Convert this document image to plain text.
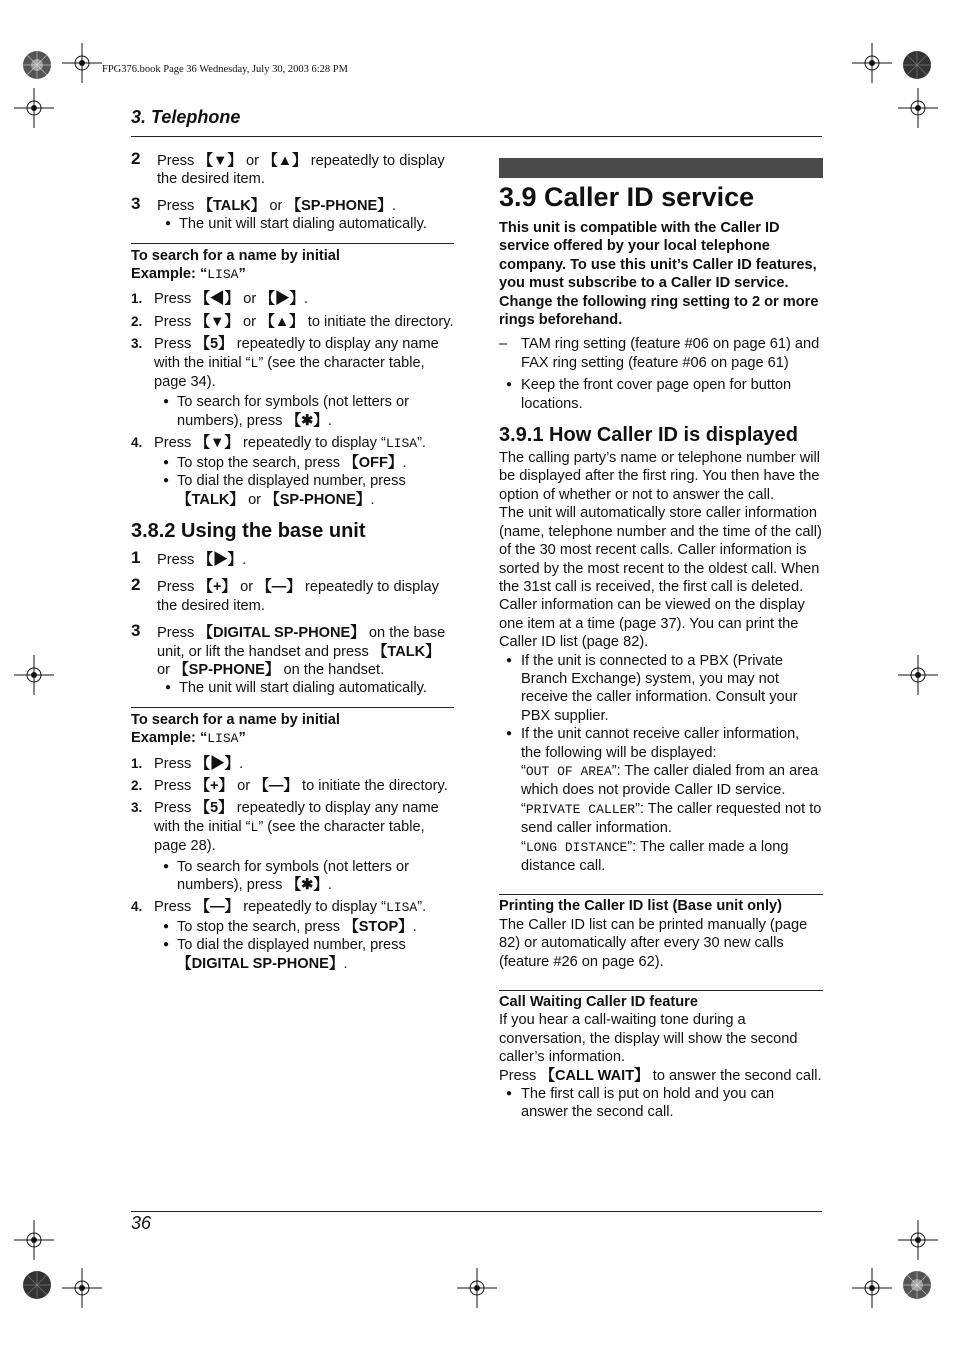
FPG376.book Page 36 Wednesday, July 30, 2003 6:28 PM
3. Telephone
2 Press 【▼】 or 【▲】 repeatedly to display the desired item.
3 Press 【TALK】 or 【SP-PHONE】.
● The unit will start dialing automatically.

To search for a name by initial

Example: “LISA”

1. Press 【◀】 or 【▶】.
2. Press 【▼】 or 【▲】 to initiate the directory.
3. Press 【5】 repeatedly to display any name with the initial “L” (see the character table, page 34).
● To search for symbols (not letters or numbers), press 【✱】.
4. Press 【▼】 repeatedly to display “LISA”.
● To stop the search, press 【OFF】.
● To dial the displayed number, press 【TALK】 or 【SP-PHONE】.

3.8.2 Using the base unit

1 Press 【▶】.
2 Press 【+】 or 【—】 repeatedly to display the desired item.
3 Press 【DIGITAL SP-PHONE】 on the base unit, or lift the handset and press 【TALK】 or 【SP-PHONE】 on the handset.
● The unit will start dialing automatically.

To search for a name by initial

Example: “LISA”

1. Press 【▶】.
2. Press 【+】 or 【—】 to initiate the directory.
3. Press 【5】 repeatedly to display any name with the initial “L” (see the character table, page 28).
● To search for symbols (not letters or numbers), press 【✱】.
4. Press 【—】 repeatedly to display “LISA”.
● To stop the search, press 【STOP】.
● To dial the displayed number, press 【DIGITAL SP-PHONE】.

3.9 Caller ID service

This unit is compatible with the Caller ID service offered by your local telephone company. To use this unit’s Caller ID features, you must subscribe to a Caller ID service.

Change the following ring setting to 2 or more rings beforehand.

– TAM ring setting (feature #06 on page 61) and FAX ring setting (feature #06 on page 61)
● Keep the front cover page open for button locations.

3.9.1 How Caller ID is displayed

The calling party’s name or telephone number will be displayed after the first ring. You then have the option of whether or not to answer the call.

The unit will automatically store caller information (name, telephone number and the time of the call) of the 30 most recent calls. Caller information is sorted by the most recent to the oldest call. When the 31st call is received, the first call is deleted. Caller information can be viewed on the display one item at a time (page 37). You can print the Caller ID list (page 82).

● If the unit is connected to a PBX (Private Branch Exchange) system, you may not receive the caller information. Consult your PBX supplier.
● If the unit cannot receive caller information, the following will be displayed:
“OUT OF AREA”: The caller dialed from an area which does not provide Caller ID service.
“PRIVATE CALLER”: The caller requested not to send caller information.
“LONG DISTANCE”: The caller made a long distance call.

Printing the Caller ID list (Base unit only)

The Caller ID list can be printed manually (page 82) or automatically after every 30 new calls (feature #26 on page 62).

Call Waiting Caller ID feature

If you hear a call-waiting tone during a conversation, the display will show the second caller’s information.

Press 【CALL WAIT】 to answer the second call.

● The first call is put on hold and you can answer the second call.
36
